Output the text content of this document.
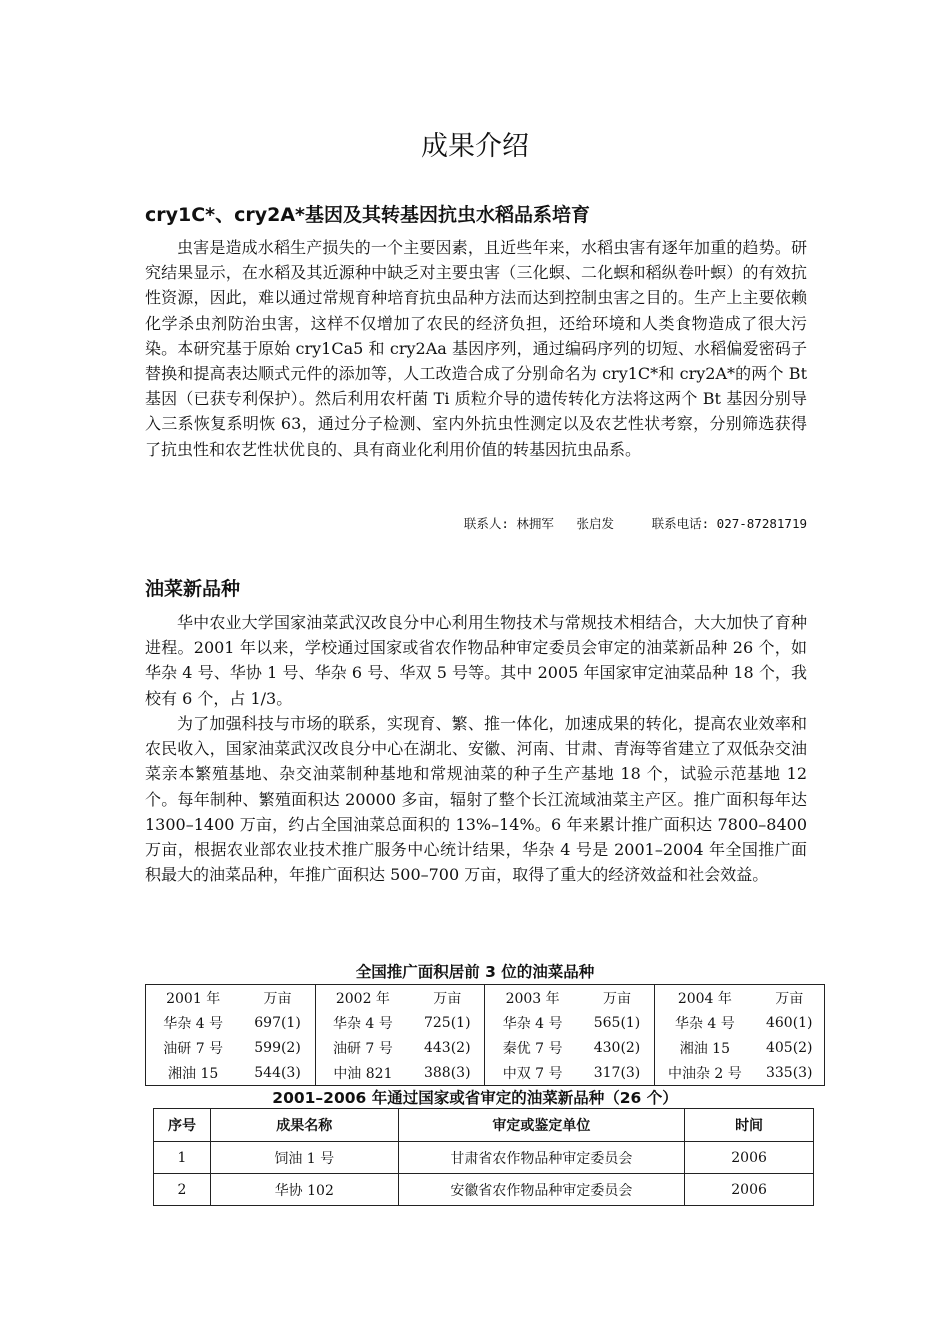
成果介绍
cry1C*、cry2A*基因及其转基因抗虫水稻品系培育

虫害是造成水稻生产损失的一个主要因素，且近些年来，水稻虫害有逐年加重的趋势。研究结果显示，在水稻及其近源种中缺乏对主要虫害（三化螟、二化螟和稻纵卷叶螟）的有效抗性资源，因此，难以通过常规育种培育抗虫品种方法而达到控制虫害之目的。生产上主要依赖化学杀虫剂防治虫害，这样不仅增加了农民的经济负担，还给环境和人类食物造成了很大污染。本研究基于原始 cry1Ca5 和 cry2Aa 基因序列，通过编码序列的切短、水稻偏爱密码子替换和提高表达顺式元件的添加等，人工改造合成了分别命名为 cry1C*和 cry2A*的两个 Bt 基因（已获专利保护）。然后利用农杆菌 Ti 质粒介导的遗传转化方法将这两个 Bt 基因分别导入三系恢复系明恢 63，通过分子检测、室内外抗虫性测定以及农艺性状考察，分别筛选获得了抗虫性和农艺性状优良的、具有商业化利用价值的转基因抗虫品系。

联系人: 林拥军   张启发     联系电话: 027-87281719
油菜新品种

华中农业大学国家油菜武汉改良分中心利用生物技术与常规技术相结合，大大加快了育种进程。2001 年以来，学校通过国家或省农作物品种审定委员会审定的油菜新品种 26 个，如华杂 4 号、华协 1 号、华杂 6 号、华双 5 号等。其中 2005 年国家审定油菜品种 18 个，我校有 6 个，占 1/3。

为了加强科技与市场的联系，实现育、繁、推一体化，加速成果的转化，提高农业效率和农民收入，国家油菜武汉改良分中心在湖北、安徽、河南、甘肃、青海等省建立了双低杂交油菜亲本繁殖基地、杂交油菜制种基地和常规油菜的种子生产基地 18 个，试验示范基地 12 个。每年制种、繁殖面积达 20000 多亩，辐射了整个长江流域油菜主产区。推广面积每年达 1300–1400 万亩，约占全国油菜总面积的 13%–14%。6 年来累计推广面积达 7800–8400 万亩，根据农业部农业技术推广服务中心统计结果，华杂 4 号是 2001–2004 年全国推广面积最大的油菜品种，年推广面积达 500–700 万亩，取得了重大的经济效益和社会效益。

全国推广面积居前 3 位的油菜品种
2001 年	万亩	2002 年	万亩	2003 年	万亩	2004 年	万亩
华杂 4 号	697(1)	华杂 4 号	725(1)	华杂 4 号	565(1)	华杂 4 号	460(1)
油研 7 号	599(2)	油研 7 号	443(2)	秦优 7 号	430(2)	湘油 15	405(2)
湘油 15	544(3)	中油 821	388(3)	中双 7 号	317(3)	中油杂 2 号	335(3)
2001–2006 年通过国家或省审定的油菜新品种（26 个）
序号	成果名称	审定或鉴定单位	时间
1	饲油 1 号	甘肃省农作物品种审定委员会	2006
2	华协 102	安徽省农作物品种审定委员会	2006
